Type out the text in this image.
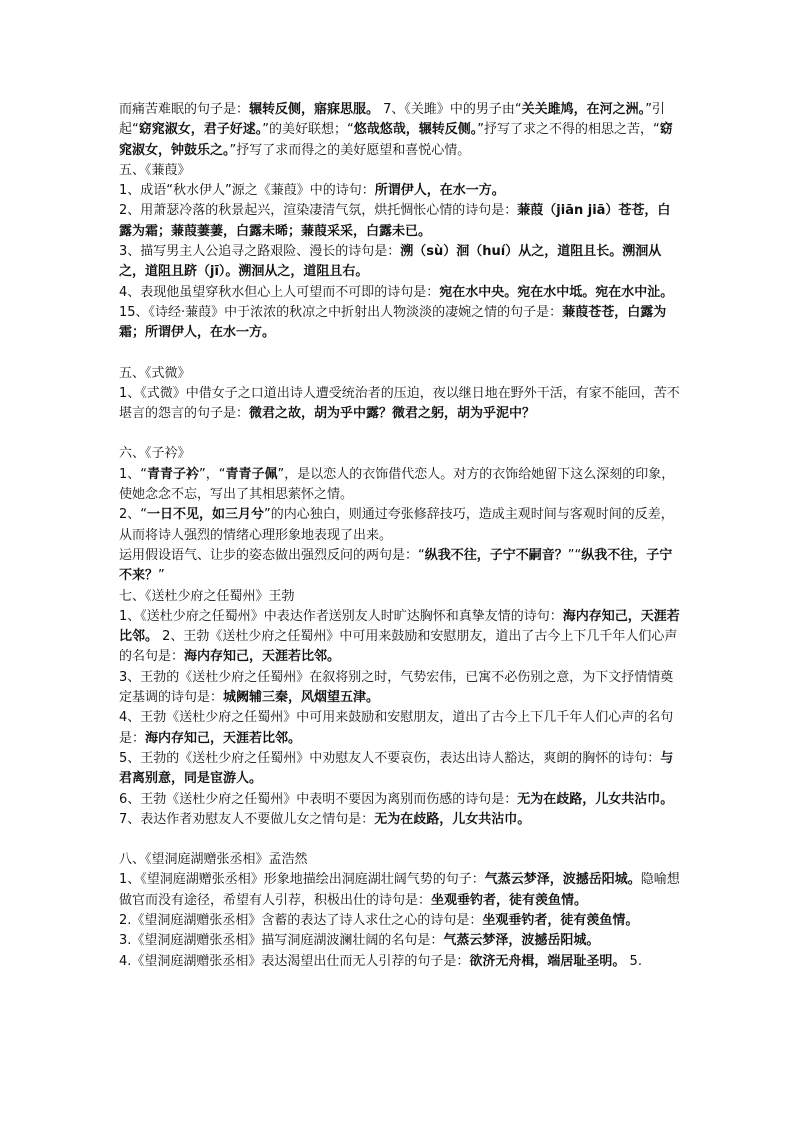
而痛苦难眠的句子是：辗转反侧，寤寐思服。 7、《关雎》中的男子由“关关雎鸠，在河之洲。”引起“窈窕淑女，君子好逑。”的美好联想；“悠哉悠哉，辗转反侧。”抒写了求之不得的相思之苦，“窈窕淑女，钟鼓乐之。”抒写了求而得之的美好愿望和喜悦心情。

五、《蒹葭》

1、成语“秋水伊人”源之《蒹葭》中的诗句：所谓伊人，在水一方。

2、用萧瑟冷落的秋景起兴，渲染凄清气氛，烘托惆怅心情的诗句是：蒹葭（jiān jiā）苍苍，白露为霜；蒹葭萋萋，白露未晞；蒹葭采采，白露未已。

3、描写男主人公追寻之路艰险、漫长的诗句是：溯（sù）洄（huí）从之，道阻且长。溯洄从之，道阻且跻（jī）。溯洄从之，道阻且右。

4、表现他虽望穿秋水但心上人可望而不可即的诗句是：宛在水中央。宛在水中坻。宛在水中沚。

15、《诗经·蒹葭》中于浓浓的秋凉之中折射出人物淡淡的凄婉之情的句子是：蒹葭苍苍，白露为霜；所谓伊人，在水一方。

五、《式微》

1、《式微》中借女子之口道出诗人遭受统治者的压迫，夜以继日地在野外干活，有家不能回，苦不堪言的怨言的句子是：微君之故，胡为乎中露？微君之躬，胡为乎泥中？

六、《子衿》

1、“青青子衿”，“青青子佩”，是以恋人的衣饰借代恋人。对方的衣饰给她留下这么深刻的印象，使她念念不忘，写出了其相思萦怀之情。

2、“一日不见，如三月兮”的内心独白，则通过夸张修辞技巧，造成主观时间与客观时间的反差，从而将诗人强烈的情绪心理形象地表现了出来。

运用假设语气、让步的姿态做出强烈反问的两句是：“纵我不往，子宁不嗣音？”“纵我不往，子宁不来？”

七、《送杜少府之任蜀州》王勃

1、《送杜少府之任蜀州》中表达作者送别友人时旷达胸怀和真挚友情的诗句：海内存知己，天涯若比邻。 2、王勃《送杜少府之任蜀州》中可用来鼓励和安慰朋友，道出了古今上下几千年人们心声的名句是：海内存知己，天涯若比邻。

3、王勃的《送杜少府之任蜀州》在叙将别之时，气势宏伟，已寓不必伤别之意，为下文抒情情奠定基调的诗句是：城阙辅三秦，风烟望五津。

4、王勃《送杜少府之任蜀州》中可用来鼓励和安慰朋友，道出了古今上下几千年人们心声的名句是：海内存知己，天涯若比邻。

5、王勃的《送杜少府之任蜀州》中劝慰友人不要哀伤，表达出诗人豁达，爽朗的胸怀的诗句：与君离别意，同是宦游人。

6、王勃《送杜少府之任蜀州》中表明不要因为离别而伤感的诗句是：无为在歧路，儿女共沾巾。 7、表达作者劝慰友人不要做儿女之情句是：无为在歧路，儿女共沾巾。

八、《望洞庭湖赠张丞相》孟浩然

1、《望洞庭湖赠张丞相》形象地描绘出洞庭湖壮阔气势的句子：气蒸云梦泽，波撼岳阳城。隐喻想做官而没有途径，希望有人引荐，积极出仕的诗句是：坐观垂钓者，徒有羡鱼情。

2.《望洞庭湖赠张丞相》含蓄的表达了诗人求仕之心的诗句是：坐观垂钓者，徒有羡鱼情。

3.《望洞庭湖赠张丞相》描写洞庭湖波澜壮阔的名句是：气蒸云梦泽，波撼岳阳城。

4.《望洞庭湖赠张丞相》表达渴望出仕而无人引荐的句子是：欲济无舟楫，端居耻圣明。 5.
